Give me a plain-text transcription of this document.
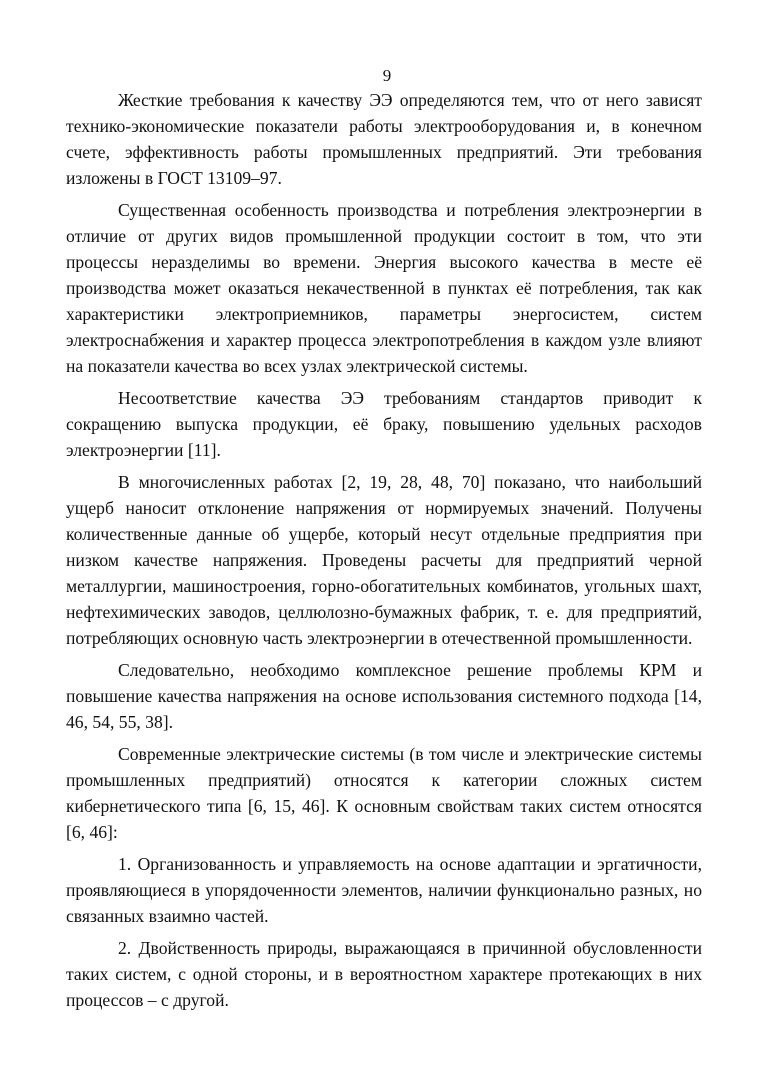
9

Жесткие требования к качеству ЭЭ определяются тем, что от него зависят технико-экономические показатели работы электрооборудования и, в конечном счете, эффективность работы промышленных предприятий. Эти требования изложены в ГОСТ 13109–97.

Существенная особенность производства и потребления электроэнергии в отличие от других видов промышленной продукции состоит в том, что эти процессы неразделимы во времени. Энергия высокого качества в месте её производства может оказаться некачественной в пунктах её потребления, так как характеристики электроприемников, параметры энергосистем, систем электроснабжения и характер процесса электропотребления в каждом узле влияют на показатели качества во всех узлах электрической системы.

Несоответствие качества ЭЭ требованиям стандартов приводит к сокращению выпуска продукции, её браку, повышению удельных расходов электроэнергии [11].

В многочисленных работах [2, 19, 28, 48, 70] показано, что наибольший ущерб наносит отклонение напряжения от нормируемых значений. Получены количественные данные об ущербе, который несут отдельные предприятия при низком качестве напряжения. Проведены расчеты для предприятий черной металлургии, машиностроения, горно-обогатительных комбинатов, угольных шахт, нефтехимических заводов, целлюлозно-бумажных фабрик, т. е. для предприятий, потребляющих основную часть электроэнергии в отечественной промышленности.

Следовательно, необходимо комплексное решение проблемы КРМ и повышение качества напряжения на основе использования системного подхода [14, 46, 54, 55, 38].

Современные электрические системы (в том числе и электрические системы промышленных предприятий) относятся к категории сложных систем кибернетического типа [6, 15, 46]. К основным свойствам таких систем относятся [6, 46]:

1. Организованность и управляемость на основе адаптации и эргатичности, проявляющиеся в упорядоченности элементов, наличии функционально разных, но связанных взаимно частей.

2. Двойственность природы, выражающаяся в причинной обусловленности таких систем, с одной стороны, и в вероятностном характере протекающих в них процессов – с другой.
